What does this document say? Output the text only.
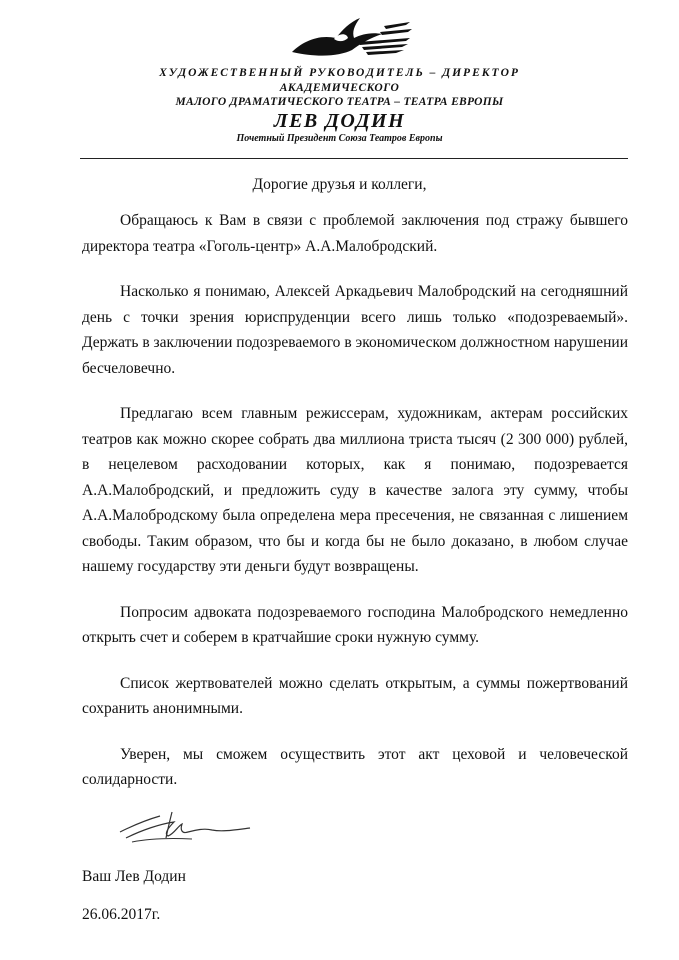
ХУДОЖЕСТВЕННЫЙ РУКОВОДИТЕЛЬ – ДИРЕКТОР
АКАДЕМИЧЕСКОГО
МАЛОГО ДРАМАТИЧЕСКОГО ТЕАТРА – ТЕАТРА ЕВРОПЫ
ЛЕВ ДОДИН
Почетный Президент Союза Театров Европы
Дорогие друзья и коллеги,

Обращаюсь к Вам в связи с проблемой заключения под стражу бывшего директора театра «Гоголь-центр» А.А.Малобродский.

Насколько я понимаю, Алексей Аркадьевич Малобродский на сегодняшний день с точки зрения юриспруденции всего лишь только «подозреваемый». Держать в заключении подозреваемого в экономическом должностном нарушении бесчеловечно.

Предлагаю всем главным режиссерам, художникам, актерам российских театров как можно скорее собрать два миллиона триста тысяч (2 300 000) рублей, в нецелевом расходовании которых, как я понимаю, подозревается А.А.Малобродский, и предложить суду в качестве залога эту сумму, чтобы А.А.Малобродскому была определена мера пресечения, не связанная с лишением свободы. Таким образом, что бы и когда бы не было доказано, в любом случае нашему государству эти деньги будут возвращены.

Попросим адвоката подозреваемого господина Малобродского немедленно открыть счет и соберем в кратчайшие сроки нужную сумму.

Список жертвователей можно сделать открытым, а суммы пожертвований сохранить анонимными.

Уверен, мы сможем осуществить этот акт цеховой и человеческой солидарности.

Ваш Лев Додин
26.06.2017г.
